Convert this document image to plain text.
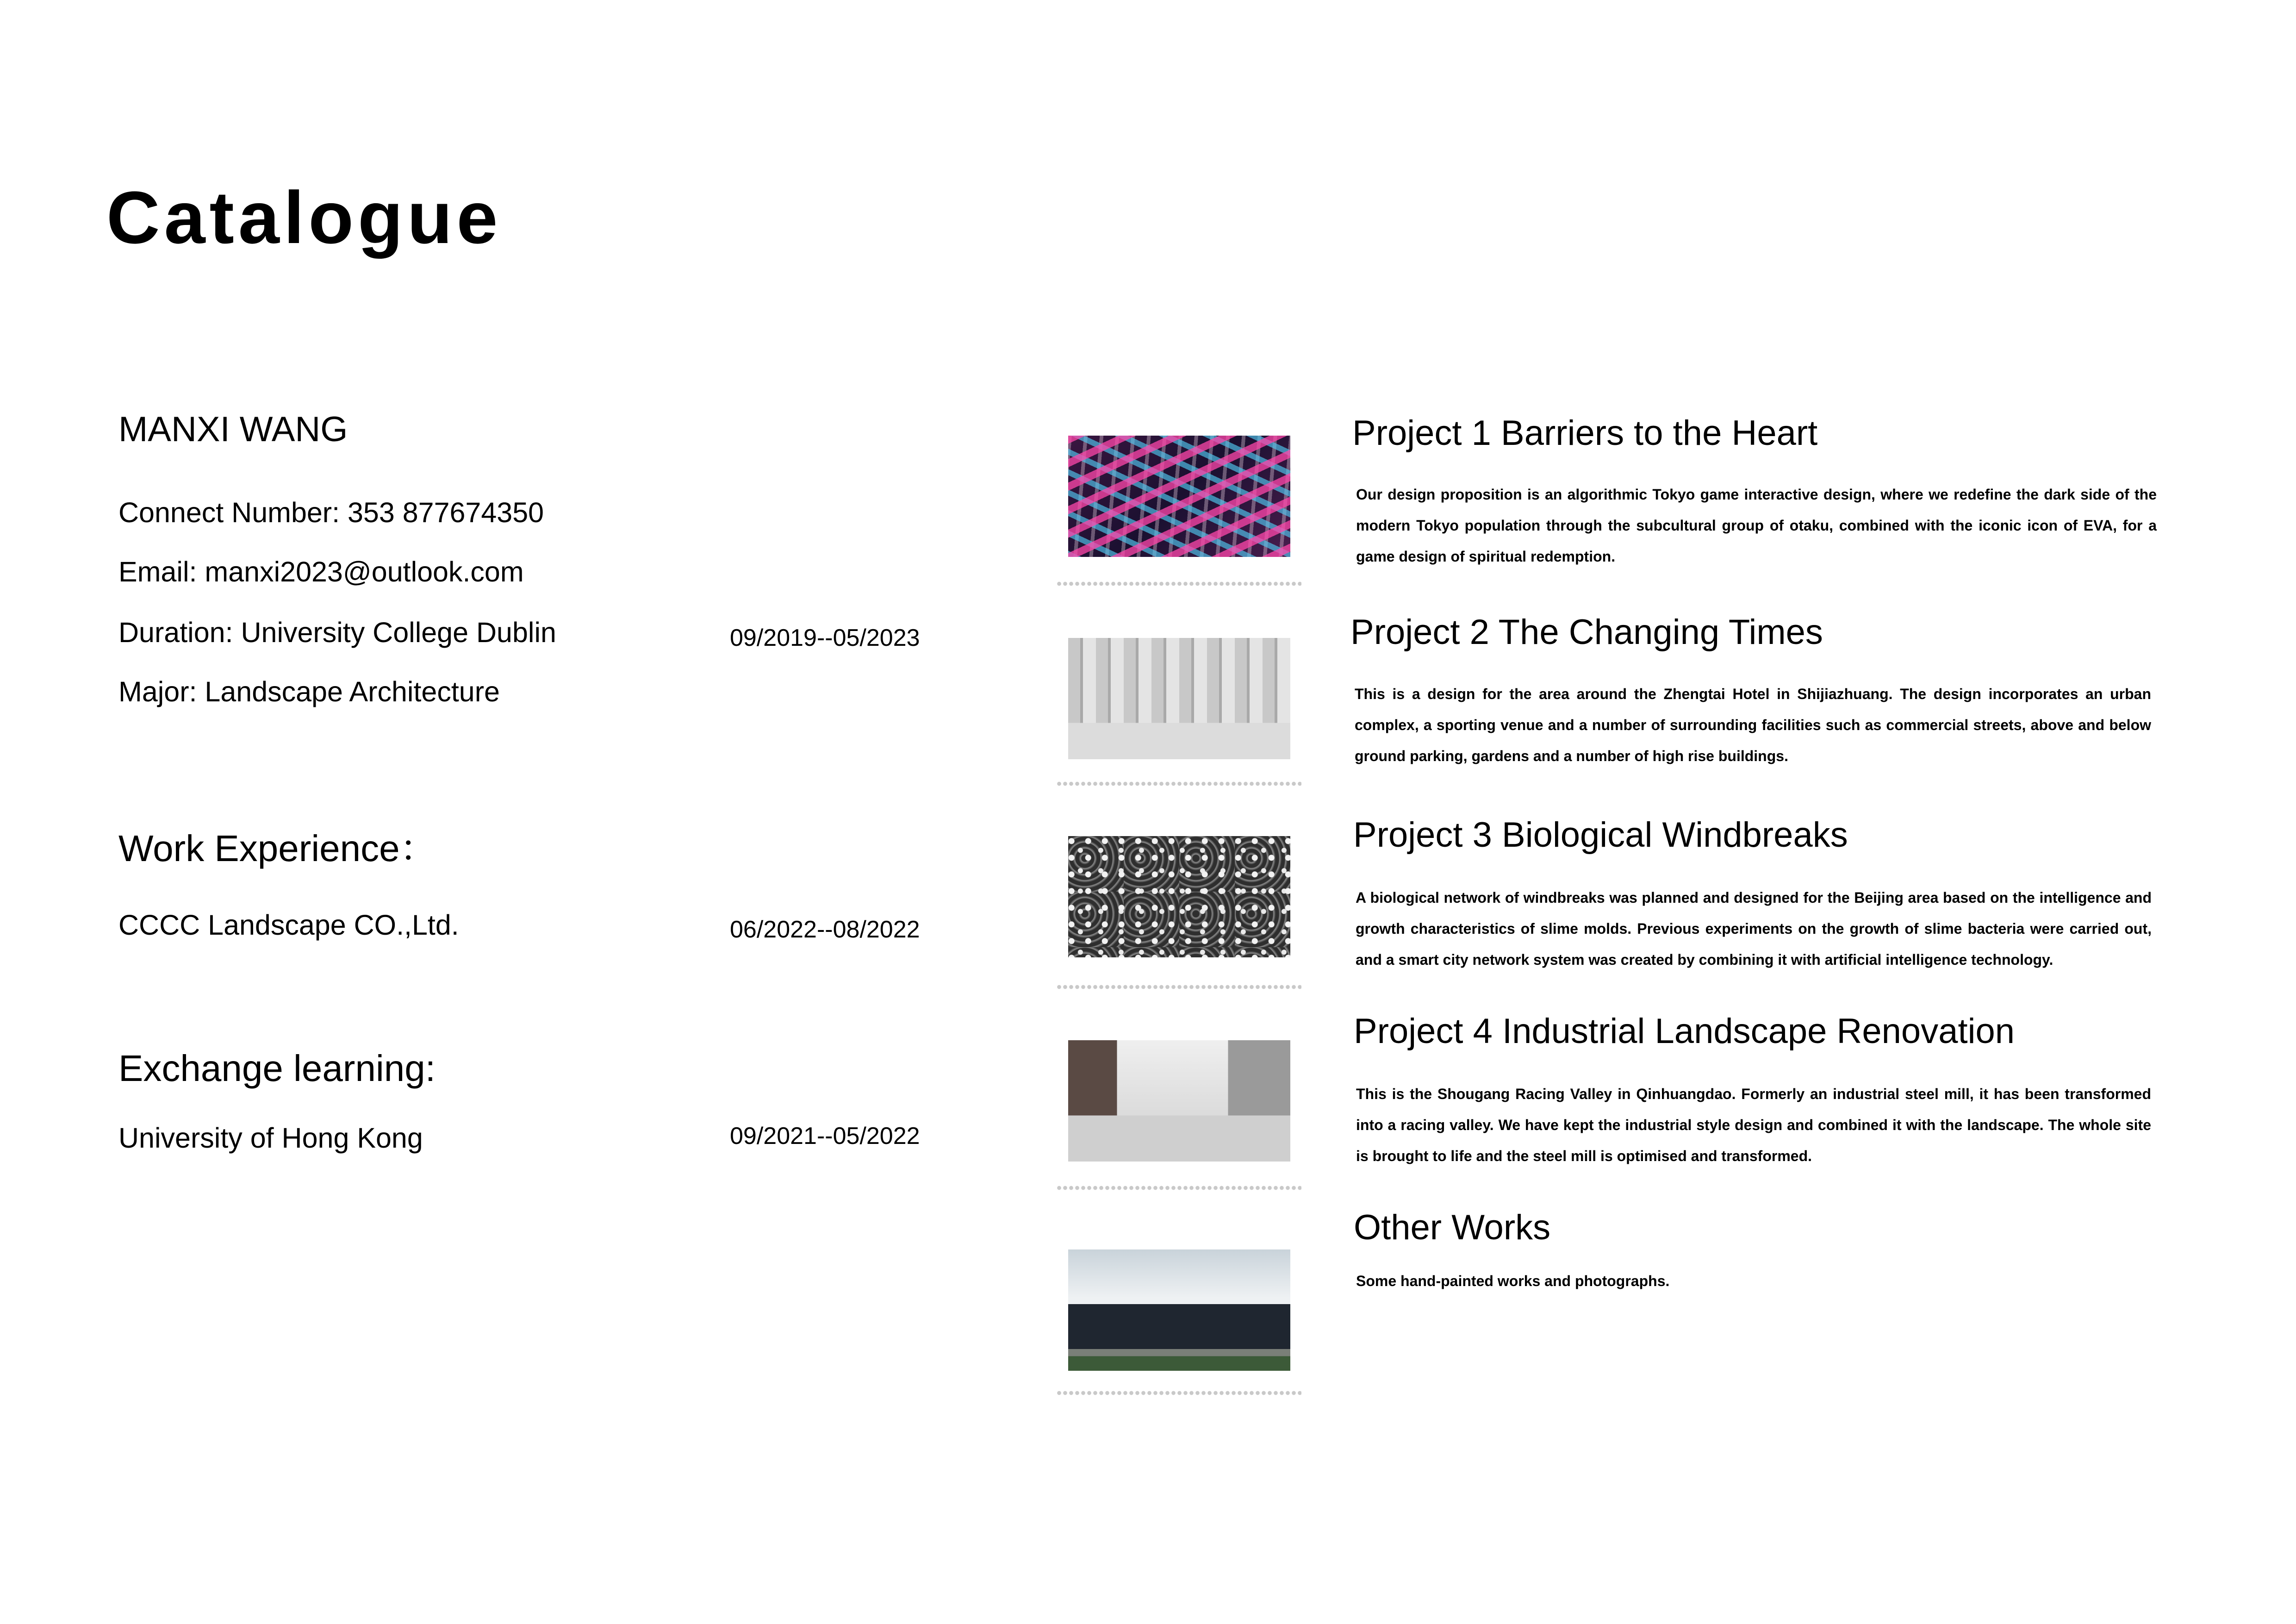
Catalogue
MANXI WANG
Connect Number: 353 877674350
Email: manxi2023@outlook.com
Duration: University College Dublin	09/2019--05/2023
Major: Landscape Architecture
Work Experience：
CCCC Landscape CO.,Ltd.	06/2022--08/2022
Exchange learning:
University of Hong Kong	09/2021--05/2022
Project 1 Barriers to the Heart
Our design proposition is an algorithmic Tokyo game interactive design, where we redefine the dark side of the modern Tokyo population through the subcultural group of otaku, combined with the iconic icon of EVA, for a game design of spiritual redemption.
Project 2 The Changing Times
This is a design for the area around the Zhengtai Hotel in Shijiazhuang. The design incorporates an urban complex, a sporting venue and a number of surrounding facilities such as commercial streets, above and below ground parking, gardens and a number of high rise buildings.
Project 3 Biological Windbreaks
A biological network of windbreaks was planned and designed for the Beijing area based on the intelligence and growth characteristics of slime molds. Previous experiments on the growth of slime bacteria were carried out, and a smart city network system was created by combining it with artificial intelligence technology.
Project 4 Industrial Landscape Renovation
This is the Shougang Racing Valley in Qinhuangdao. Formerly an industrial steel mill, it has been transformed into a racing valley. We have kept the industrial style design and combined it with the landscape. The whole site is brought to life and the steel mill is optimised and transformed.
Other Works
Some hand-painted works and photographs.
